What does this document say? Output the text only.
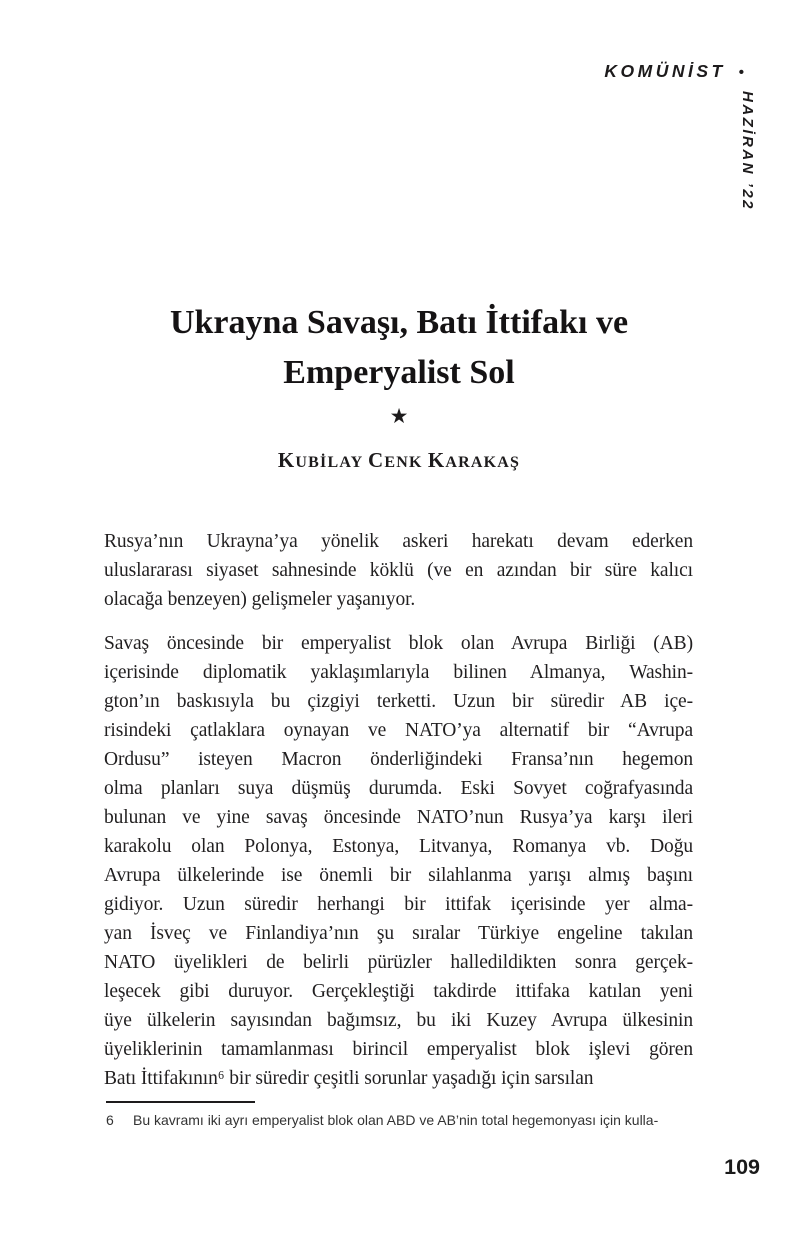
KOMÜNİST •
HAZİRAN ’22
Ukrayna Savaşı, Batı İttifakı ve
Emperyalist Sol
★
KUBİLAY CENK KARAKAŞ
Rusya’nın Ukrayna’ya yönelik askeri harekatı devam ederken
uluslararası siyaset sahnesinde köklü (ve en azından bir süre kalıcı
olacağa benzeyen) gelişmeler yaşanıyor.
Savaş öncesinde bir emperyalist blok olan Avrupa Birliği (AB)
içerisinde diplomatik yaklaşımlarıyla bilinen Almanya, Washin-
gton’ın baskısıyla bu çizgiyi terketti. Uzun bir süredir AB içe-
risindeki çatlaklara oynayan ve NATO’ya alternatif bir “Avrupa
Ordusu” isteyen Macron önderliğindeki Fransa’nın hegemon
olma planları suya düşmüş durumda. Eski Sovyet coğrafyasında
bulunan ve yine savaş öncesinde NATO’nun Rusya’ya karşı ileri
karakolu olan Polonya, Estonya, Litvanya, Romanya vb. Doğu
Avrupa ülkelerinde ise önemli bir silahlanma yarışı almış başını
gidiyor. Uzun süredir herhangi bir ittifak içerisinde yer alma-
yan İsveç ve Finlandiya’nın şu sıralar Türkiye engeline takılan
NATO üyelikleri de belirli pürüzler halledildikten sonra gerçek-
leşecek gibi duruyor. Gerçekleştiği takdirde ittifaka katılan yeni
üye ülkelerin sayısından bağımsız, bu iki Kuzey Avrupa ülkesinin
üyeliklerinin tamamlanması birincil emperyalist blok işlevi gören
Batı İttifakının⁶ bir süredir çeşitli sorunlar yaşadığı için sarsılan
6	Bu kavramı iki ayrı emperyalist blok olan ABD ve AB’nin total hegemonyası için kulla-
109
